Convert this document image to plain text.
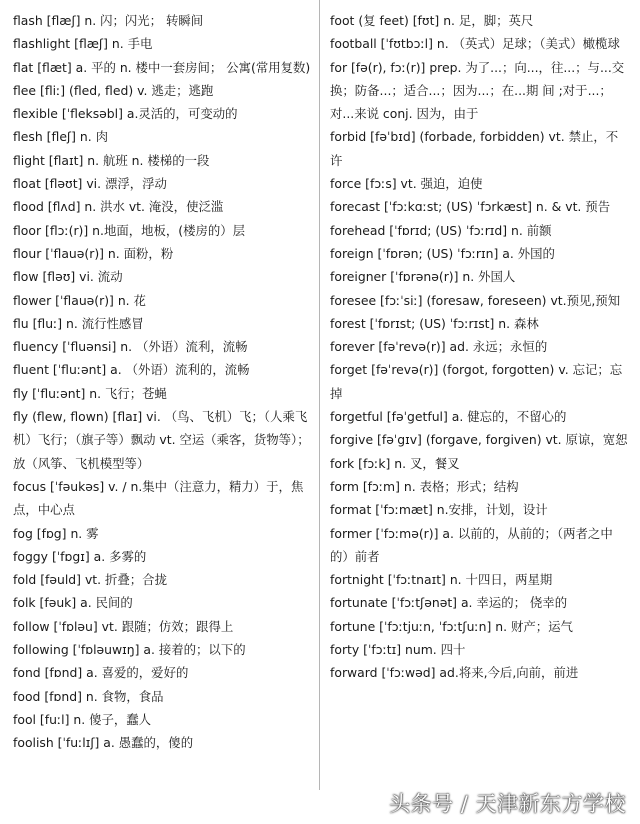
flash [flæʃ] n. 闪；闪光； 转瞬间

flashlight [flæʃ] n. 手电

flat [flæt] a. 平的 n. 楼中一套房间； 公寓(常用复数)

flee [fliː] (fled, fled) v. 逃走；逃跑

flexible [ˈfleksəbl] a.灵活的，可变动的

flesh [fleʃ] n. 肉

flight [flaɪt] n. 航班 n. 楼梯的一段

float [fləʊt] vi. 漂浮，浮动

flood [flʌd] n. 洪水 vt. 淹没，使泛滥

floor [flɔː(r)] n.地面，地板，(楼房的）层

flour [ˈflauə(r)] n. 面粉，粉

flow [fləʊ] vi. 流动

flower [ˈflauə(r)] n. 花

flu [fluː] n. 流行性感冒

fluency [ˈfluənsi] n. （外语）流利，流畅

fluent [ˈfluːənt] a. （外语）流利的，流畅

fly [ˈfluːənt] n. 飞行；苍蝇

fly (flew, flown) [flaɪ] vi. （鸟、飞机）飞；（人乘飞机）飞行；（旗子等）飘动 vt. 空运（乘客，货物等）；放（风筝、飞机模型等）

focus [ˈfəukəs] v. / n.集中（注意力，精力）于，焦点，中心点

fog [fɒg] n. 雾

foggy [ˈfɒgɪ] a. 多雾的

fold [fəuld] vt. 折叠；合拢

folk [fəuk] a. 民间的

follow [ˈfɒləu] vt. 跟随；仿效；跟得上

following [ˈfɒləuwɪŋ] a. 接着的；以下的

fond [fɒnd] a. 喜爱的，爱好的

food [fɒnd] n. 食物，食品

fool [fuːl] n. 傻子，蠢人

foolish [ˈfuːlɪʃ] a. 愚蠢的，傻的

foot (复 feet) [fʊt] n. 足，脚；英尺

football [ˈfʊtbɔːl] n. （英式）足球；（美式）橄榄球

for [fə(r), fɔː(r)] prep. 为了...；向...，往...；与...交换；防备...；适合...；因为...；在...期 间 ;对于...；对...来说 conj. 因为，由于

forbid [fəˈbɪd] (forbade, forbidden) vt. 禁止，不许

force [fɔːs] vt. 强迫，迫使

forecast [ˈfɔːkɑːst; (US) ˈfɔrkæst] n. & vt. 预告

forehead [ˈfɒrɪd; (US) ˈfɔːrɪd] n. 前额

foreign [ˈfɒrən; (US) ˈfɔːrɪn] a. 外国的

foreigner [ˈfɒrənə(r)] n. 外国人

foresee [fɔːˈsiː] (foresaw, foreseen) vt.预见,预知

forest [ˈfɒrɪst; (US) ˈfɔːrɪst] n. 森林

forever [fəˈrevə(r)] ad. 永远；永恒的

forget [fəˈrevə(r)] (forgot, forgotten) v. 忘记；忘掉

forgetful [fəˈgetful] a. 健忘的，不留心的

forgive [fəˈgɪv] (forgave, forgiven) vt. 原谅，宽恕

fork [fɔːk] n. 叉，餐叉

form [fɔːm] n. 表格；形式；结构

format [ˈfɔːmæt] n.安排，计划，设计

former [ˈfɔːmə(r)] a. 以前的，从前的；（两者之中的）前者

fortnight [ˈfɔːtnaɪt] n. 十四日，两星期

fortunate [ˈfɔːtʃənət] a. 幸运的； 侥幸的

fortune [ˈfɔːtjuːn, ˈfɔːtʃuːn] n. 财产；运气

forty [ˈfɔːtɪ] num. 四十

forward [ˈfɔːwəd] ad.将来,今后,向前，前进

头条号 / 天津新东方学校
